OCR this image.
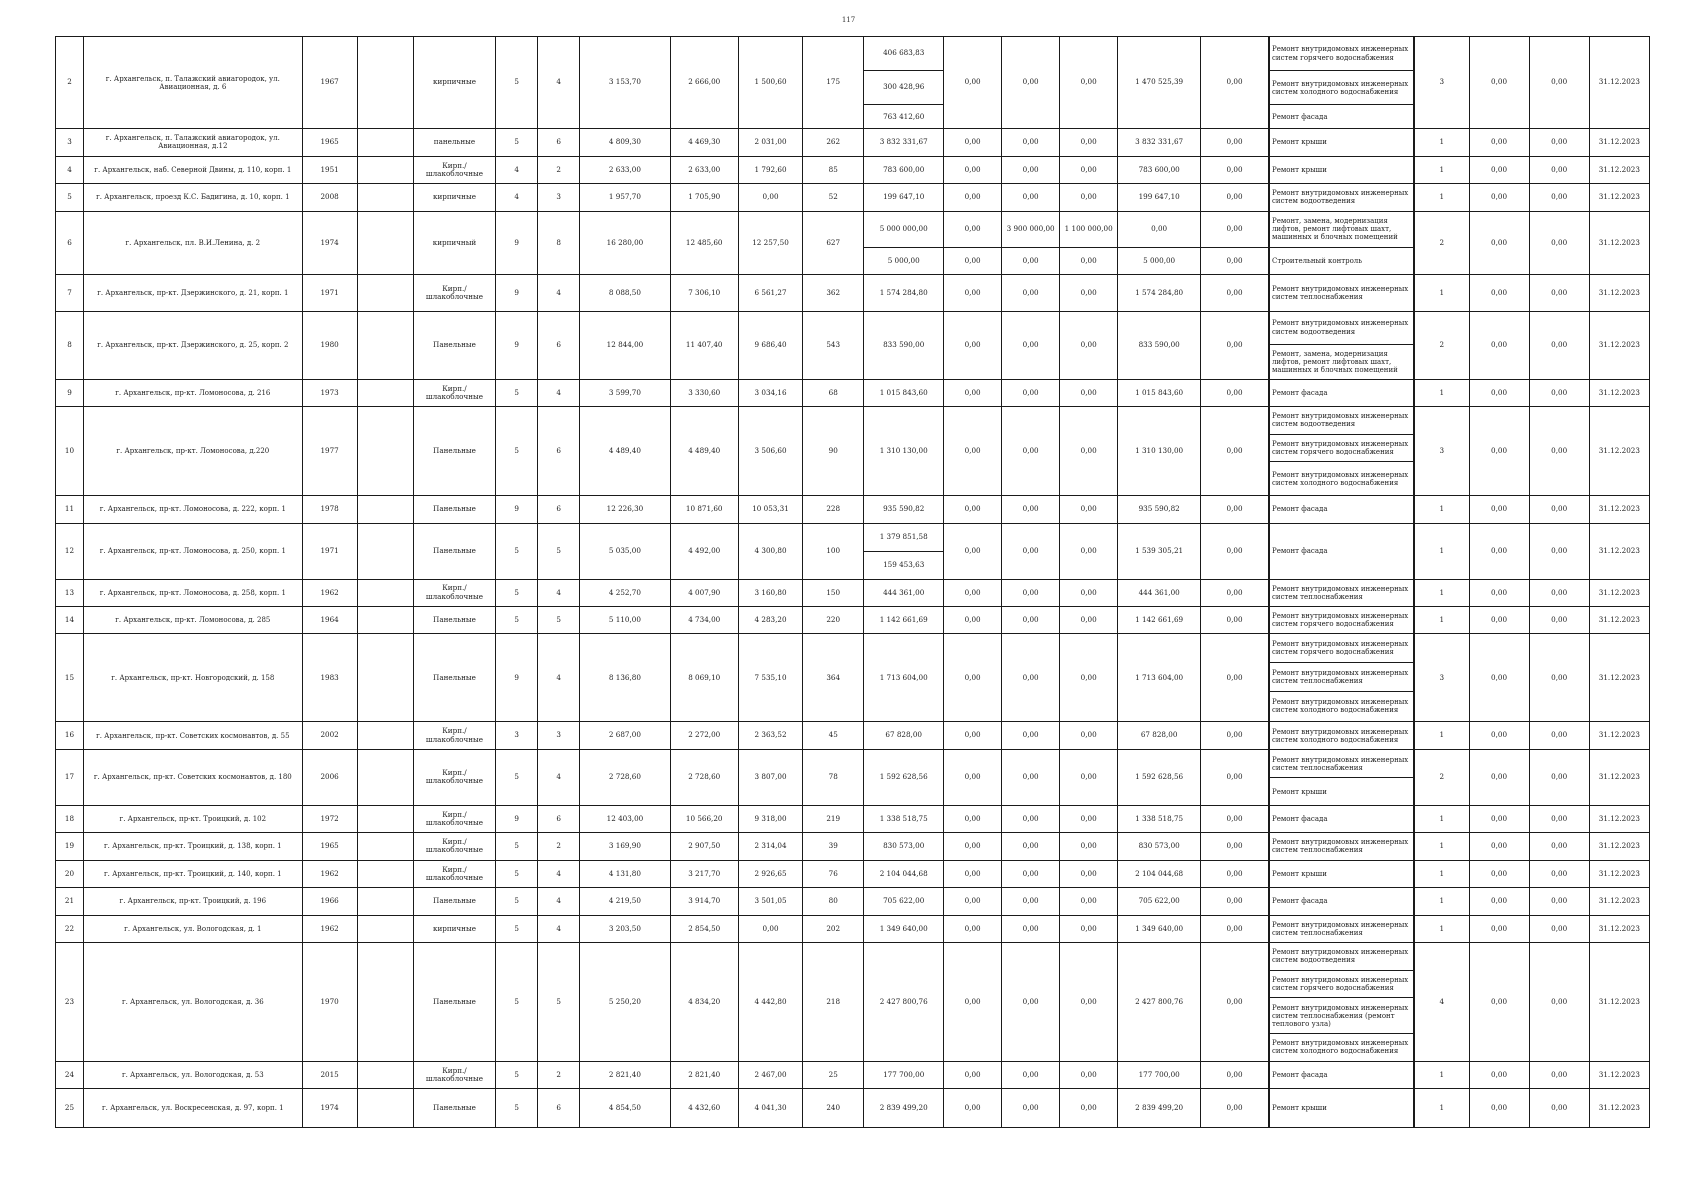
117
2	г. Архангельск, п. Талажский авиагородок, ул. Авиационная, д. 6	1967		кирпичные	5	4	3 153,70	2 666,00	1 500,60	175	406 683,83	0,00	0,00	0,00	1 470 525,39	0,00	Ремонт внутридомовых инженерных систем горячего водоснабжения	3	0,00	0,00	31.12.2023
											300 428,96						Ремонт внутридомовых инженерных систем холодного водоснабжения				
											763 412,60						Ремонт фасада				
3	г. Архангельск, п. Талажский авиагородок, ул. Авиационная, д.12	1965		панельные	5	6	4 809,30	4 469,30	2 031,00	262	3 832 331,67	0,00	0,00	0,00	3 832 331,67	0,00	Ремонт крыши	1	0,00	0,00	31.12.2023
4	г. Архангельск, наб. Северной Двины, д. 110, корп. 1	1951		Кирп./ шлакоблочные	4	2	2 633,00	2 633,00	1 792,60	85	783 600,00	0,00	0,00	0,00	783 600,00	0,00	Ремонт крыши	1	0,00	0,00	31.12.2023
5	г. Архангельск, проезд К.С. Бадигина, д. 10, корп. 1	2008		кирпичные	4	3	1 957,70	1 705,90	0,00	52	199 647,10	0,00	0,00	0,00	199 647,10	0,00	Ремонт внутридомовых инженерных систем водоотведения	1	0,00	0,00	31.12.2023
6	г. Архангельск, пл. В.И.Ленина, д. 2	1974		кирпичный	9	8	16 280,00	12 485,60	12 257,50	627	5 000 000,00	0,00	3 900 000,00	1 100 000,00	0,00	0,00	Ремонт, замена, модернизация лифтов, ремонт лифтовых шахт, машинных и блочных помещений	2	0,00	0,00	31.12.2023
											5 000,00	0,00	0,00	0,00	5 000,00	0,00	Строительный контроль				
7	г. Архангельск, пр-кт. Дзержинского, д. 21, корп. 1	1971		Кирп./ шлакоблочные	9	4	8 088,50	7 306,10	6 561,27	362	1 574 284,80	0,00	0,00	0,00	1 574 284,80	0,00	Ремонт внутридомовых инженерных систем теплоснабжения	1	0,00	0,00	31.12.2023
8	г. Архангельск, пр-кт. Дзержинского, д. 25, корп. 2	1980		Панельные	9	6	12 844,00	11 407,40	9 686,40	543	833 590,00	0,00	0,00	0,00	833 590,00	0,00	Ремонт внутридомовых инженерных систем водоотведения	2	0,00	0,00	31.12.2023
																	Ремонт, замена, модернизация лифтов, ремонт лифтовых шахт, машинных и блочных помещений				
9	г. Архангельск, пр-кт. Ломоносова, д. 216	1973		Кирп./ шлакоблочные	5	4	3 599,70	3 330,60	3 034,16	68	1 015 843,60	0,00	0,00	0,00	1 015 843,60	0,00	Ремонт фасада	1	0,00	0,00	31.12.2023
10	г. Архангельск, пр-кт. Ломоносова, д.220	1977		Панельные	5	6	4 489,40	4 489,40	3 506,60	90	1 310 130,00	0,00	0,00	0,00	1 310 130,00	0,00	Ремонт внутридомовых инженерных систем водоотведения	3	0,00	0,00	31.12.2023
																	Ремонт внутридомовых инженерных систем горячего водоснабжения				
																	Ремонт внутридомовых инженерных систем холодного водоснабжения				
11	г. Архангельск, пр-кт. Ломоносова, д. 222, корп. 1	1978		Панельные	9	6	12 226,30	10 871,60	10 053,31	228	935 590,82	0,00	0,00	0,00	935 590,82	0,00	Ремонт фасада	1	0,00	0,00	31.12.2023
12	г. Архангельск, пр-кт. Ломоносова, д. 250, корп. 1	1971		Панельные	5	5	5 035,00	4 492,00	4 300,80	100	1 379 851,58	0,00	0,00	0,00	1 539 305,21	0,00	Ремонт фасада	1	0,00	0,00	31.12.2023
											159 453,63										
13	г. Архангельск, пр-кт. Ломоносова, д. 258, корп. 1	1962		Кирп./ шлакоблочные	5	4	4 252,70	4 007,90	3 160,80	150	444 361,00	0,00	0,00	0,00	444 361,00	0,00	Ремонт внутридомовых инженерных систем теплоснабжения	1	0,00	0,00	31.12.2023
14	г. Архангельск, пр-кт. Ломоносова, д. 285	1964		Панельные	5	5	5 110,00	4 734,00	4 283,20	220	1 142 661,69	0,00	0,00	0,00	1 142 661,69	0,00	Ремонт внутридомовых инженерных систем горячего водоснабжения	1	0,00	0,00	31.12.2023
15	г. Архангельск, пр-кт. Новгородский, д. 158	1983		Панельные	9	4	8 136,80	8 069,10	7 535,10	364	1 713 604,00	0,00	0,00	0,00	1 713 604,00	0,00	Ремонт внутридомовых инженерных систем горячего водоснабжения	3	0,00	0,00	31.12.2023
																	Ремонт внутридомовых инженерных систем теплоснабжения				
																	Ремонт внутридомовых инженерных систем холодного водоснабжения				
16	г. Архангельск, пр-кт. Советских космонавтов, д. 55	2002		Кирп./ шлакоблочные	3	3	2 687,00	2 272,00	2 363,52	45	67 828,00	0,00	0,00	0,00	67 828,00	0,00	Ремонт внутридомовых инженерных систем холодного водоснабжения	1	0,00	0,00	31.12.2023
17	г. Архангельск, пр-кт. Советских космонавтов, д. 180	2006		Кирп./ шлакоблочные	5	4	2 728,60	2 728,60	3 807,00	78	1 592 628,56	0,00	0,00	0,00	1 592 628,56	0,00	Ремонт внутридомовых инженерных систем теплоснабжения	2	0,00	0,00	31.12.2023
																	Ремонт крыши				
18	г. Архангельск, пр-кт. Троицкий, д. 102	1972		Кирп./ шлакоблочные	9	6	12 403,00	10 566,20	9 318,00	219	1 338 518,75	0,00	0,00	0,00	1 338 518,75	0,00	Ремонт фасада	1	0,00	0,00	31.12.2023
19	г. Архангельск, пр-кт. Троицкий, д. 138, корп. 1	1965		Кирп./ шлакоблочные	5	2	3 169,90	2 907,50	2 314,04	39	830 573,00	0,00	0,00	0,00	830 573,00	0,00	Ремонт внутридомовых инженерных систем теплоснабжения	1	0,00	0,00	31.12.2023
20	г. Архангельск, пр-кт. Троицкий, д. 140, корп. 1	1962		Кирп./ шлакоблочные	5	4	4 131,80	3 217,70	2 926,65	76	2 104 044,68	0,00	0,00	0,00	2 104 044,68	0,00	Ремонт крыши	1	0,00	0,00	31.12.2023
21	г. Архангельск, пр-кт. Троицкий, д. 196	1966		Панельные	5	4	4 219,50	3 914,70	3 501,05	80	705 622,00	0,00	0,00	0,00	705 622,00	0,00	Ремонт фасада	1	0,00	0,00	31.12.2023
22	г. Архангельск, ул. Вологодская, д. 1	1962		кирпичные	5	4	3 203,50	2 854,50	0,00	202	1 349 640,00	0,00	0,00	0,00	1 349 640,00	0,00	Ремонт внутридомовых инженерных систем теплоснабжения	1	0,00	0,00	31.12.2023
23	г. Архангельск, ул. Вологодская, д. 36	1970		Панельные	5	5	5 250,20	4 834,20	4 442,80	218	2 427 800,76	0,00	0,00	0,00	2 427 800,76	0,00	Ремонт внутридомовых инженерных систем водоотведения	4	0,00	0,00	31.12.2023
																	Ремонт внутридомовых инженерных систем горячего водоснабжения				
																	Ремонт внутридомовых инженерных систем теплоснабжения (ремонт теплового узла)				
																	Ремонт внутридомовых инженерных систем холодного водоснабжения				
24	г. Архангельск, ул. Вологодская, д. 53	2015		Кирп./ шлакоблочные	5	2	2 821,40	2 821,40	2 467,00	25	177 700,00	0,00	0,00	0,00	177 700,00	0,00	Ремонт фасада	1	0,00	0,00	31.12.2023
25	г. Архангельск, ул. Воскресенская, д. 97, корп. 1	1974		Панельные	5	6	4 854,50	4 432,60	4 041,30	240	2 839 499,20	0,00	0,00	0,00	2 839 499,20	0,00	Ремонт крыши	1	0,00	0,00	31.12.2023
